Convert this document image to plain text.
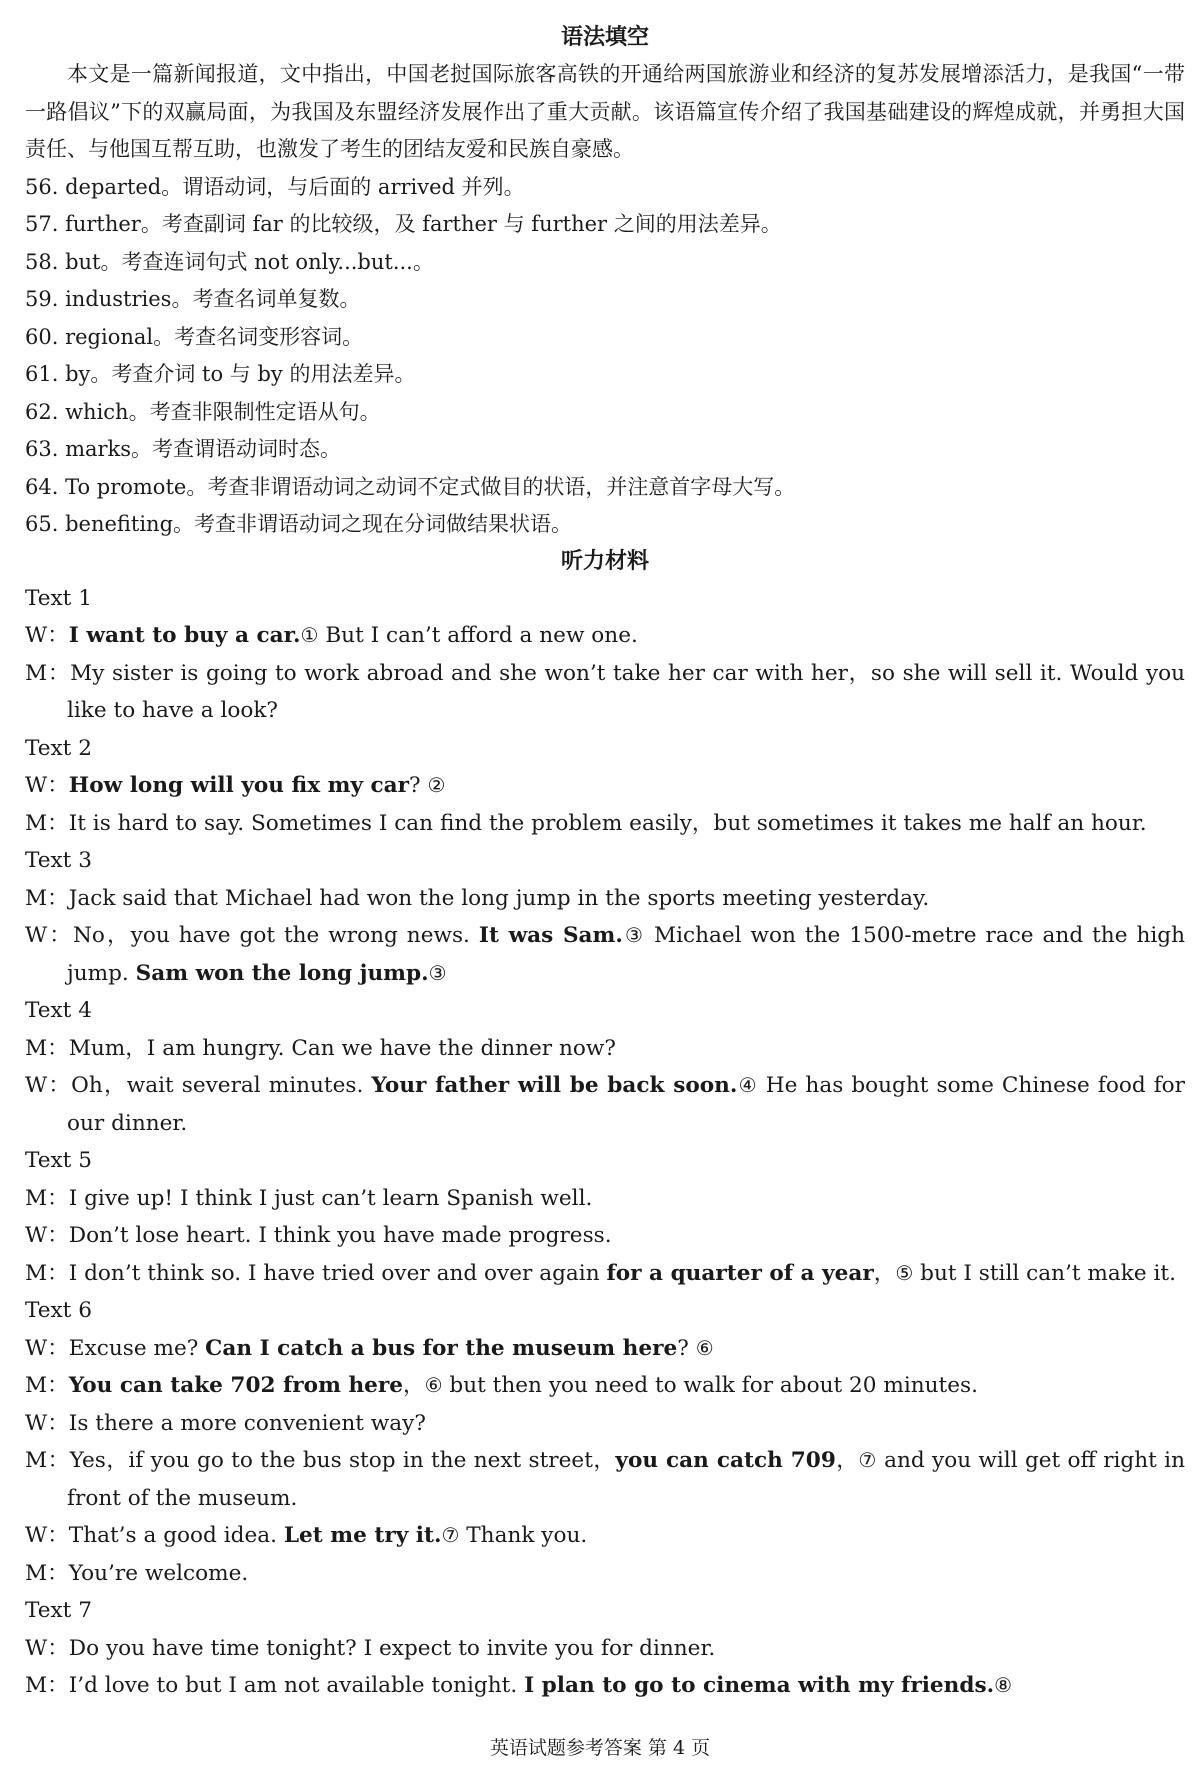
语法填空

本文是一篇新闻报道，文中指出，中国老挝国际旅客高铁的开通给两国旅游业和经济的复苏发展增添活力，是我国“一带一路倡议”下的双赢局面，为我国及东盟经济发展作出了重大贡献。该语篇宣传介绍了我国基础建设的辉煌成就，并勇担大国责任、与他国互帮互助，也激发了考生的团结友爱和民族自豪感。

56. departed。谓语动词，与后面的 arrived 并列。

57. further。考查副词 far 的比较级，及 farther 与 further 之间的用法差异。

58. but。考查连词句式 not only...but...。

59. industries。考查名词单复数。

60. regional。考查名词变形容词。

61. by。考查介词 to 与 by 的用法差异。

62. which。考查非限制性定语从句。

63. marks。考查谓语动词时态。

64. To promote。考查非谓语动词之动词不定式做目的状语，并注意首字母大写。

65. benefiting。考查非谓语动词之现在分词做结果状语。

听力材料

Text 1

W：I want to buy a car.① But I can’t afford a new one.

M：My sister is going to work abroad and she won’t take her car with her，so she will sell it. Would you like to have a look?

Text 2

W：How long will you fix my car? ②

M：It is hard to say. Sometimes I can find the problem easily，but sometimes it takes me half an hour.

Text 3

M：Jack said that Michael had won the long jump in the sports meeting yesterday.

W：No，you have got the wrong news. It was Sam.③ Michael won the 1500-metre race and the high jump. Sam won the long jump.③

Text 4

M：Mum，I am hungry. Can we have the dinner now?

W：Oh，wait several minutes. Your father will be back soon.④ He has bought some Chinese food for our dinner.

Text 5

M：I give up! I think I just can’t learn Spanish well.

W：Don’t lose heart. I think you have made progress.

M：I don’t think so. I have tried over and over again for a quarter of a year，⑤ but I still can’t make it.

Text 6

W：Excuse me? Can I catch a bus for the museum here? ⑥

M：You can take 702 from here，⑥ but then you need to walk for about 20 minutes.

W：Is there a more convenient way?

M：Yes，if you go to the bus stop in the next street，you can catch 709，⑦ and you will get off right in front of the museum.

W：That’s a good idea. Let me try it.⑦ Thank you.

M：You’re welcome.

Text 7

W：Do you have time tonight? I expect to invite you for dinner.

M：I’d love to but I am not available tonight. I plan to go to cinema with my friends.⑧

英语试题参考答案 第 4 页
